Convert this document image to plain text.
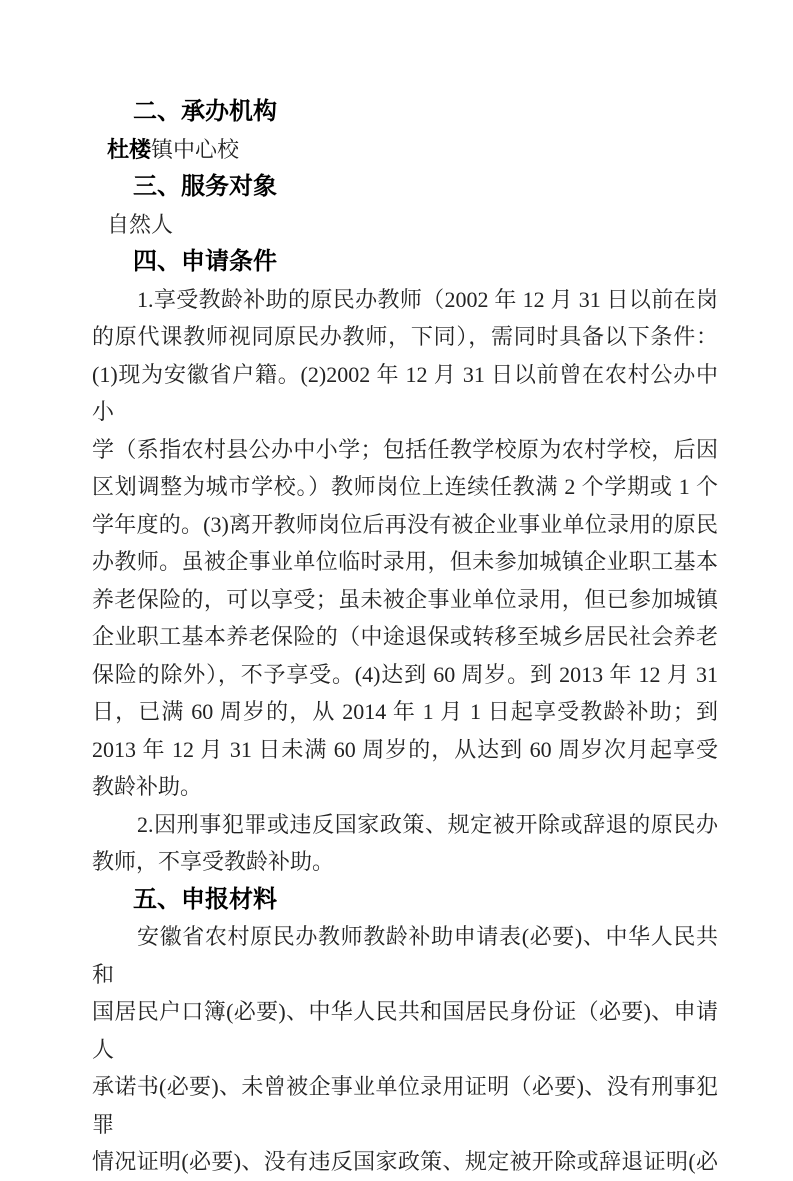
二、承办机构
杜楼镇中心校
三、服务对象
自然人
四、申请条件
1.享受教龄补助的原民办教师（2002 年 12 月 31 日以前在岗
的原代课教师视同原民办教师，下同），需同时具备以下条件：
(1)现为安徽省户籍。(2)2002 年 12 月 31 日以前曾在农村公办中小
学（系指农村县公办中小学；包括任教学校原为农村学校，后因
区划调整为城市学校。）教师岗位上连续任教满 2 个学期或 1 个
学年度的。(3)离开教师岗位后再没有被企业事业单位录用的原民
办教师。虽被企事业单位临时录用，但未参加城镇企业职工基本
养老保险的，可以享受；虽未被企事业单位录用，但已参加城镇
企业职工基本养老保险的（中途退保或转移至城乡居民社会养老
保险的除外），不予享受。(4)达到 60 周岁。到 2013 年 12 月 31
日，已满 60 周岁的，从 2014 年 1 月 1 日起享受教龄补助；到
2013 年 12 月 31 日未满 60 周岁的，从达到 60 周岁次月起享受
教龄补助。
2.因刑事犯罪或违反国家政策、规定被开除或辞退的原民办
教师，不享受教龄补助。
五、申报材料
安徽省农村原民办教师教龄补助申请表(必要)、中华人民共和
国居民户口簿(必要)、中华人民共和国居民身份证（必要)、申请人
承诺书(必要)、未曾被企事业单位录用证明（必要)、没有刑事犯罪
情况证明(必要)、没有违反国家政策、规定被开除或辞退证明(必
